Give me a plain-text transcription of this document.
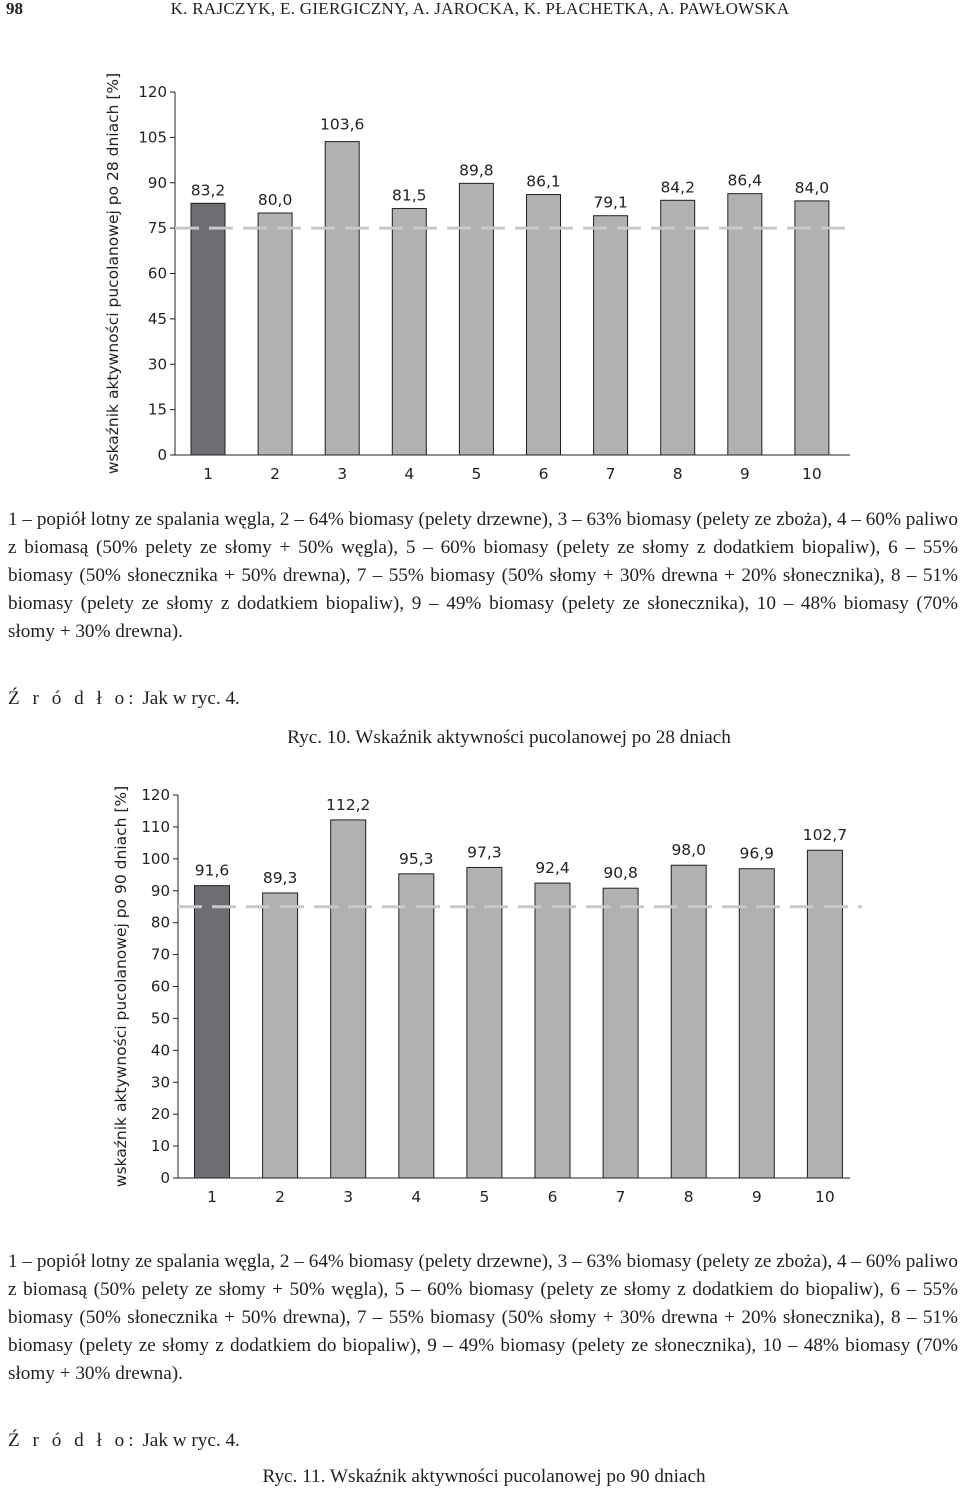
98	K. RAJCZYK, E. GIERGICZNY, A. JAROCKA, K. PŁACHETKA, A. PAWŁOWSKA
wskaźnik aktywności pucolanowej po 28 dniach [%] 0
15
30
45
60
75
90
105
120
83,2
1
80,0
2
103,6
3
81,5
4
89,8
5
86,1
6
79,1
7
84,2
8
86,4
9
84,0
10
1 – popiół lotny ze spalania węgla, 2 – 64% biomasy (pelety drzewne), 3 – 63% biomasy (pelety ze zboża), 4 – 60% paliwo z biomasą (50% pelety ze słomy + 50% węgla), 5 – 60% biomasy (pelety ze słomy z dodatkiem biopaliw), 6 – 55% biomasy (50% słonecznika + 50% drewna), 7 – 55% biomasy (50% słomy + 30% drewna + 20% słonecznika), 8 – 51% biomasy (pelety ze słomy z dodatkiem biopaliw), 9 – 49% biomasy (pelety ze słonecznika), 10 – 48% biomasy (70% słomy + 30% drewna).
Ź r ó d ł o: Jak w ryc. 4.
Ryc. 10. Wskaźnik aktywności pucolanowej po 28 dniach
wskaźnik aktywności pucolanowej po 90 dniach [%] 0
10
20
30
40
50
60
70
80
90
100
110
120
91,6
1
89,3
2
112,2
3
95,3
4
97,3
5
92,4
6
90,8
7
98,0
8
96,9
9
102,7
10
1 – popiół lotny ze spalania węgla, 2 – 64% biomasy (pelety drzewne), 3 – 63% biomasy (pelety ze zboża), 4 – 60% paliwo z biomasą (50% pelety ze słomy + 50% węgla), 5 – 60% biomasy (pelety ze słomy z dodatkiem do biopaliw), 6 – 55% biomasy (50% słonecznika + 50% drewna), 7 – 55% biomasy (50% słomy + 30% drewna + 20% słonecznika), 8 – 51% biomasy (pelety ze słomy z dodatkiem do biopaliw), 9 – 49% biomasy (pelety ze słonecznika), 10 – 48% biomasy (70% słomy + 30% drewna).
Ź r ó d ł o: Jak w ryc. 4.
Ryc. 11. Wskaźnik aktywności pucolanowej po 90 dniach
